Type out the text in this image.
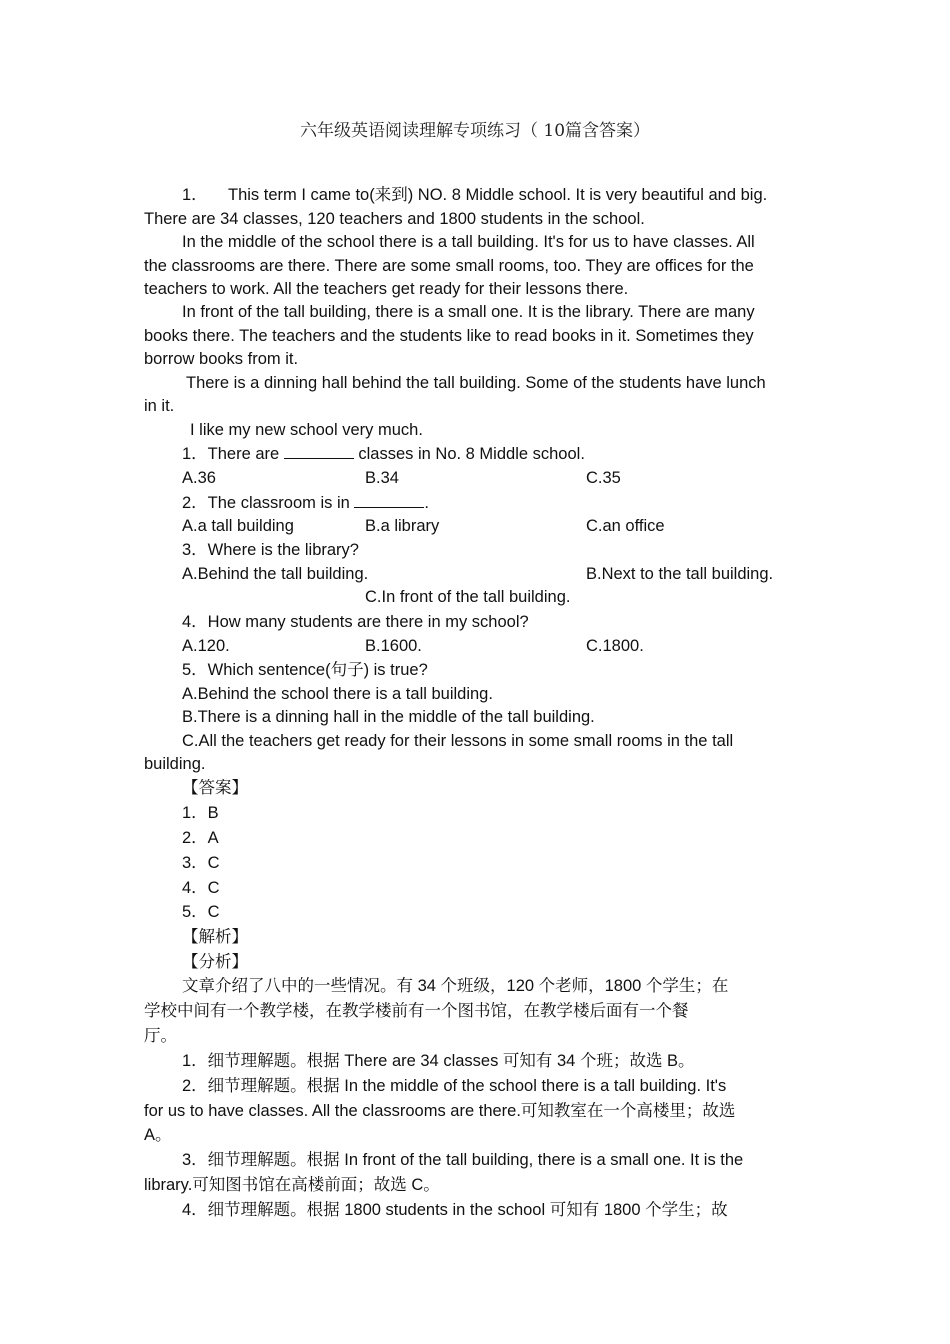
六年级英语阅读理解专项练习（ 10篇含答案）
1． This term I came to(来到) NO. 8 Middle school. It is very beautiful and big.
There are 34 classes, 120 teachers and 1800 students in the school.
In the middle of the school there is a tall building. It's for us to have classes. All
the classrooms are there. There are some small rooms, too. They are offices for the
teachers to work. All the teachers get ready for their lessons there.
In front of the tall building, there is a small one. It is the library. There are many
books there. The teachers and the students like to read books in it. Sometimes they
borrow books from it.
There is a dinning hall behind the tall building. Some of the students have lunch
in it.
I like my new school very much.
1．There are	classes in No. 8 Middle school.
A.36	B.34	C.35
2．The classroom is in	.
A.a tall building	B.a library	C.an office
3．Where is the library?
A.Behind the tall building.	B.Next to the tall building.
C.In front of the tall building.
4．How many students are there in my school?
A.120.	B.1600.	C.1800.
5．Which sentence(句子) is true?
A.Behind the school there is a tall building.
B.There is a dinning hall in the middle of the tall building.
C.All the teachers get ready for their lessons in some small rooms in the tall
building.
【答案】
1．B
2．A
3．C
4．C
5．C
【解析】
【分析】
文章介绍了八中的一些情况。有 34 个班级，120 个老师，1800 个学生；在
学校中间有一个教学楼，在教学楼前有一个图书馆，在教学楼后面有一个餐
厅。
1．细节理解题。根据 There are 34 classes 可知有 34 个班；故选 B。
2．细节理解题。根据 In the middle of the school there is a tall building. It's
for us to have classes. All the classrooms are there.可知教室在一个高楼里；故选
A。
3．细节理解题。根据 In front of the tall building, there is a small one. It is the
library.可知图书馆在高楼前面；故选 C。
4．细节理解题。根据 1800 students in the school 可知有 1800 个学生；故
